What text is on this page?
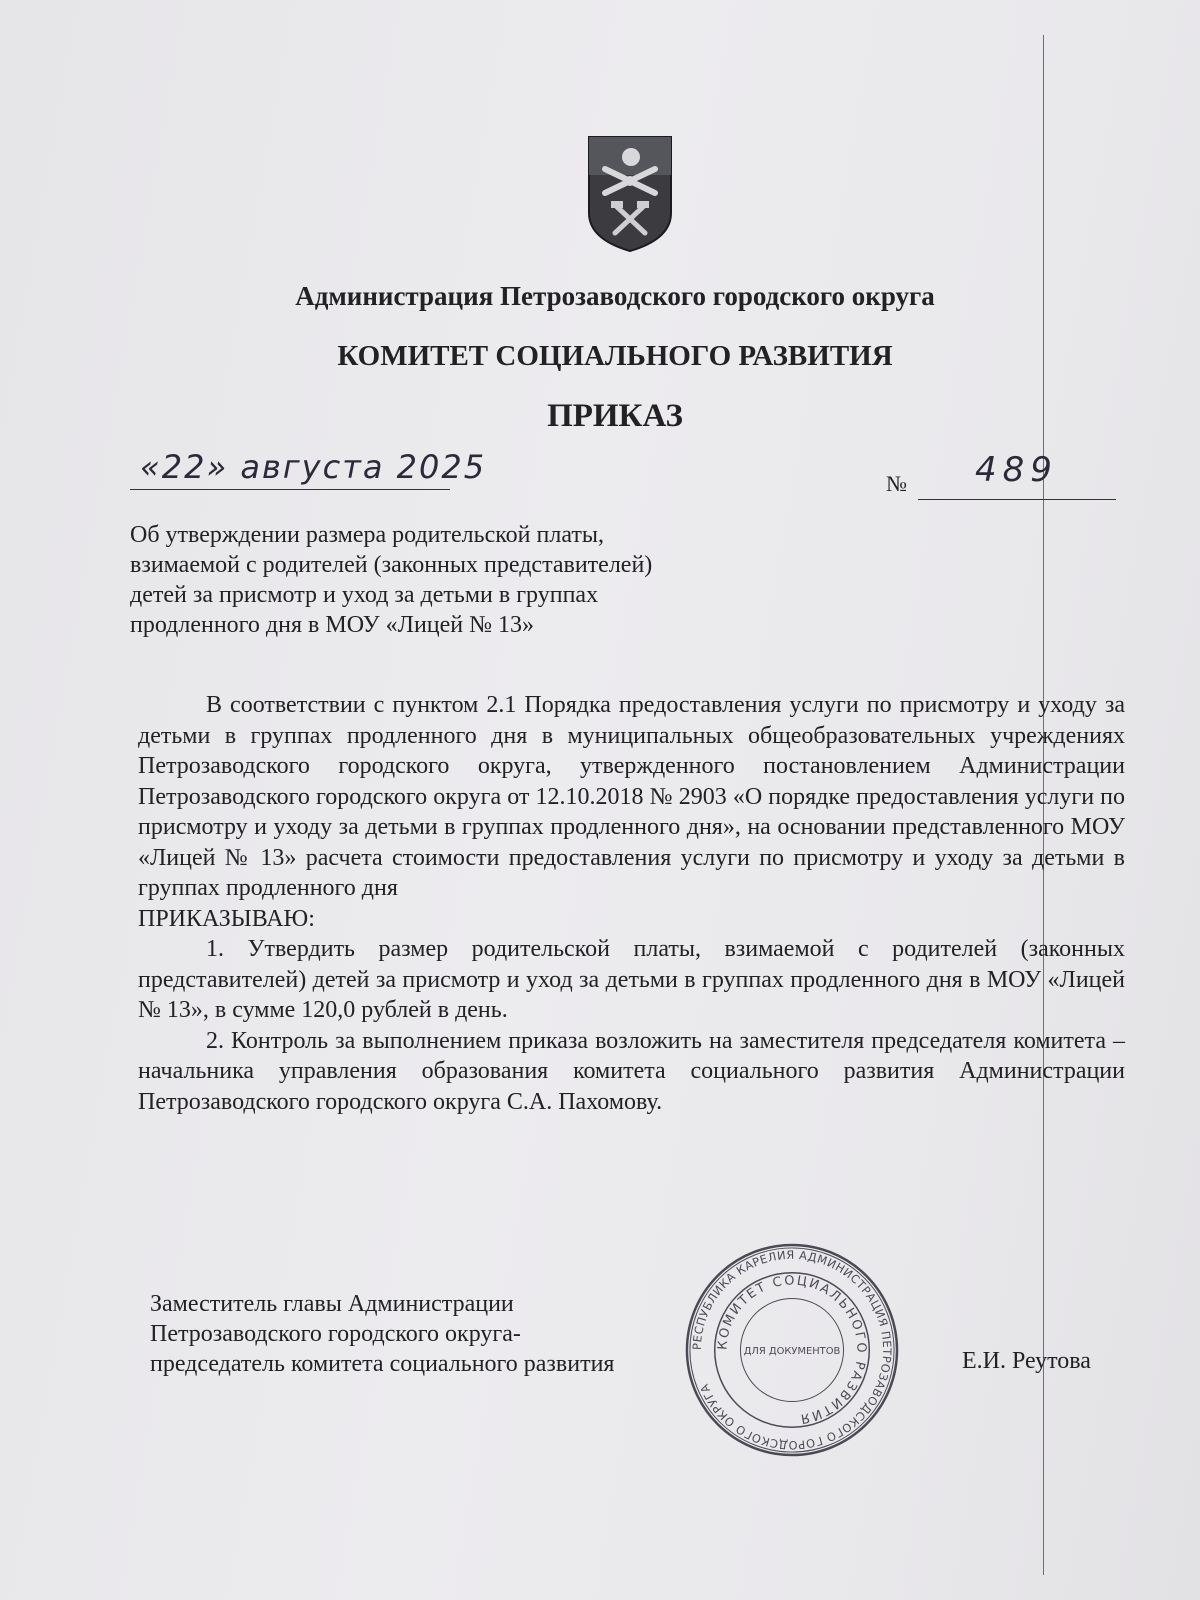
Администрация Петрозаводского городского округа
КОМИТЕТ СОЦИАЛЬНОГО РАЗВИТИЯ
ПРИКАЗ
«22» августа 2025	№ 489
Об утверждении размера родительской платы,
взимаемой с родителей (законных представителей)
детей за присмотр и уход за детьми в группах
продленного дня в МОУ «Лицей № 13»

В соответствии с пунктом 2.1 Порядка предоставления услуги по присмотру и уходу за детьми в группах продленного дня в муниципальных общеобразовательных учреждениях Петрозаводского городского округа, утвержденного постановлением Администрации Петрозаводского городского округа от 12.10.2018 № 2903 «О порядке предоставления услуги по присмотру и уходу за детьми в группах продленного дня», на основании представленного МОУ «Лицей № 13» расчета стоимости предоставления услуги по присмотру и уходу за детьми в группах продленного дня

ПРИКАЗЫВАЮ:

1. Утвердить размер родительской платы, взимаемой с родителей (законных представителей) детей за присмотр и уход за детьми в группах продленного дня в МОУ «Лицей № 13», в сумме 120,0 рублей в день.

2. Контроль за выполнением приказа возложить на заместителя председателя комитета – начальника управления образования комитета социального развития Администрации Петрозаводского городского округа С.А. Пахомову.

Заместитель главы Администрации
Петрозаводского городского округа-
председатель комитета социального развития	Е.И. Реутова
РЕСПУБЛИКА КАРЕЛИЯ АДМИНИСТРАЦИЯ ПЕТРОЗАВОДСКОГО ГОРОДСКОГО ОКРУГА
КОМИТЕТ СОЦИАЛЬНОГО РАЗВИТИЯ
ДЛЯ ДОКУМЕНТОВ
